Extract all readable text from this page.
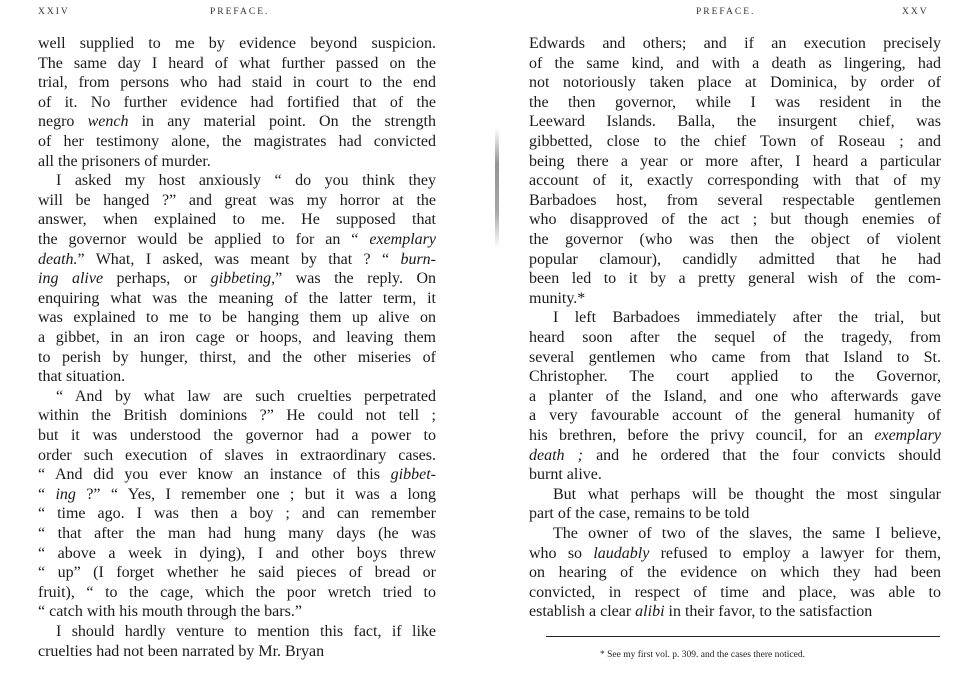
XXIV	PREFACE.
well supplied to me by evidence beyond suspicion.
The same day I heard of what further passed on the
trial, from persons who had staid in court to the end
of it. No further evidence had fortified that of the
negro wench in any material point. On the strength
of her testimony alone, the magistrates had convicted
all the prisoners of murder.
I asked my host anxiously “ do you think they
will be hanged ?” and great was my horror at the
answer, when explained to me. He supposed that
the governor would be applied to for an “ exemplary
death.” What, I asked, was meant by that ? “ burn-
ing alive perhaps, or gibbeting,” was the reply. On
enquiring what was the meaning of the latter term, it
was explained to me to be hanging them up alive on
a gibbet, in an iron cage or hoops, and leaving them
to perish by hunger, thirst, and the other miseries of
that situation.
“ And by what law are such cruelties perpetrated
within the British dominions ?” He could not tell ;
but it was understood the governor had a power to
order such execution of slaves in extraordinary cases.
“ And did you ever know an instance of this gibbet-
“ ing ?” “ Yes, I remember one ; but it was a long
“ time ago. I was then a boy ; and can remember
“ that after the man had hung many days (he was
“ above a week in dying), I and other boys threw
“ up” (I forget whether he said pieces of bread or
fruit), “ to the cage, which the poor wretch tried to
“ catch with his mouth through the bars.”
I should hardly venture to mention this fact, if like
cruelties had not been narrated by Mr. Bryan
PREFACE.	XXV
Edwards and others; and if an execution precisely
of the same kind, and with a death as lingering, had
not notoriously taken place at Dominica, by order of
the then governor, while I was resident in the
Leeward Islands. Balla, the insurgent chief, was
gibbetted, close to the chief Town of Roseau ; and
being there a year or more after, I heard a particular
account of it, exactly corresponding with that of my
Barbadoes host, from several respectable gentlemen
who disapproved of the act ; but though enemies of
the governor (who was then the object of violent
popular clamour), candidly admitted that he had
been led to it by a pretty general wish of the com-
munity.*
I left Barbadoes immediately after the trial, but
heard soon after the sequel of the tragedy, from
several gentlemen who came from that Island to St.
Christopher. The court applied to the Governor,
a planter of the Island, and one who afterwards gave
a very favourable account of the general humanity of
his brethren, before the privy council, for an exemplary
death ; and he ordered that the four convicts should
burnt alive.
But what perhaps will be thought the most singular
part of the case, remains to be told
The owner of two of the slaves, the same I believe,
who so laudably refused to employ a lawyer for them,
on hearing of the evidence on which they had been
convicted, in respect of time and place, was able to
establish a clear alibi in their favor, to the satisfaction
* See my first vol. p. 309. and the cases there noticed.
